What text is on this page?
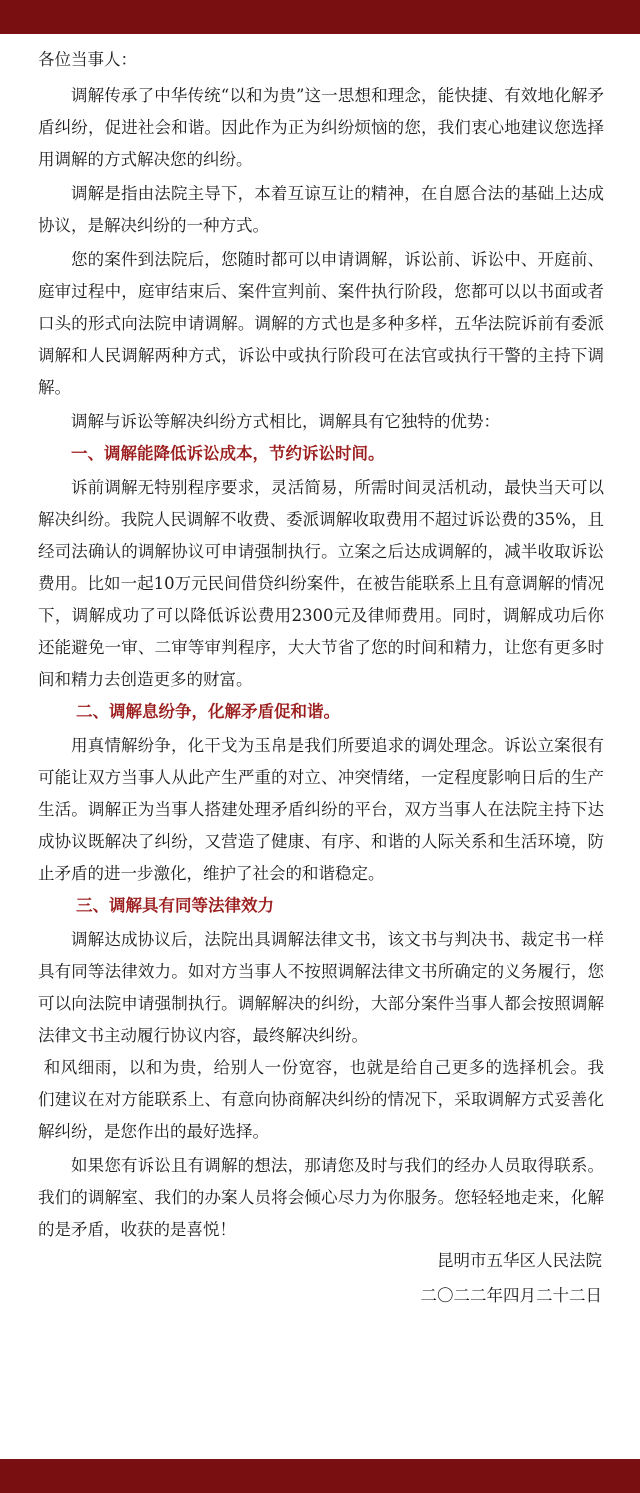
各位当事人：

调解传承了中华传统“以和为贵”这一思想和理念，能快捷、有效地化解矛盾纠纷，促进社会和谐。因此作为正为纠纷烦恼的您，我们衷心地建议您选择用调解的方式解决您的纠纷。

调解是指由法院主导下，本着互谅互让的精神，在自愿合法的基础上达成协议，是解决纠纷的一种方式。

您的案件到法院后，您随时都可以申请调解，诉讼前、诉讼中、开庭前、庭审过程中，庭审结束后、案件宣判前、案件执行阶段，您都可以以书面或者口头的形式向法院申请调解。调解的方式也是多种多样，五华法院诉前有委派调解和人民调解两种方式，诉讼中或执行阶段可在法官或执行干警的主持下调解。

调解与诉讼等解决纠纷方式相比，调解具有它独特的优势：

一、调解能降低诉讼成本，节约诉讼时间。

诉前调解无特别程序要求，灵活简易，所需时间灵活机动，最快当天可以解决纠纷。我院人民调解不收费、委派调解收取费用不超过诉讼费的35%，且经司法确认的调解协议可申请强制执行。立案之后达成调解的，减半收取诉讼费用。比如一起10万元民间借贷纠纷案件，在被告能联系上且有意调解的情况下，调解成功了可以降低诉讼费用2300元及律师费用。同时，调解成功后你还能避免一审、二审等审判程序，大大节省了您的时间和精力，让您有更多时间和精力去创造更多的财富。

二、调解息纷争，化解矛盾促和谐。

用真情解纷争，化干戈为玉帛是我们所要追求的调处理念。诉讼立案很有可能让双方当事人从此产生严重的对立、冲突情绪，一定程度影响日后的生产生活。调解正为当事人搭建处理矛盾纠纷的平台，双方当事人在法院主持下达成协议既解决了纠纷，又营造了健康、有序、和谐的人际关系和生活环境，防止矛盾的进一步激化，维护了社会的和谐稳定。

三、调解具有同等法律效力

调解达成协议后，法院出具调解法律文书，该文书与判决书、裁定书一样具有同等法律效力。如对方当事人不按照调解法律文书所确定的义务履行，您可以向法院申请强制执行。调解解决的纠纷，大部分案件当事人都会按照调解法律文书主动履行协议内容，最终解决纠纷。

和风细雨，以和为贵，给别人一份宽容，也就是给自己更多的选择机会。我们建议在对方能联系上、有意向协商解决纠纷的情况下，采取调解方式妥善化解纠纷，是您作出的最好选择。

如果您有诉讼且有调解的想法，那请您及时与我们的经办人员取得联系。我们的调解室、我们的办案人员将会倾心尽力为你服务。您轻轻地走来，化解的是矛盾，收获的是喜悦！

昆明市五华区人民法院
二〇二二年四月二十二日
